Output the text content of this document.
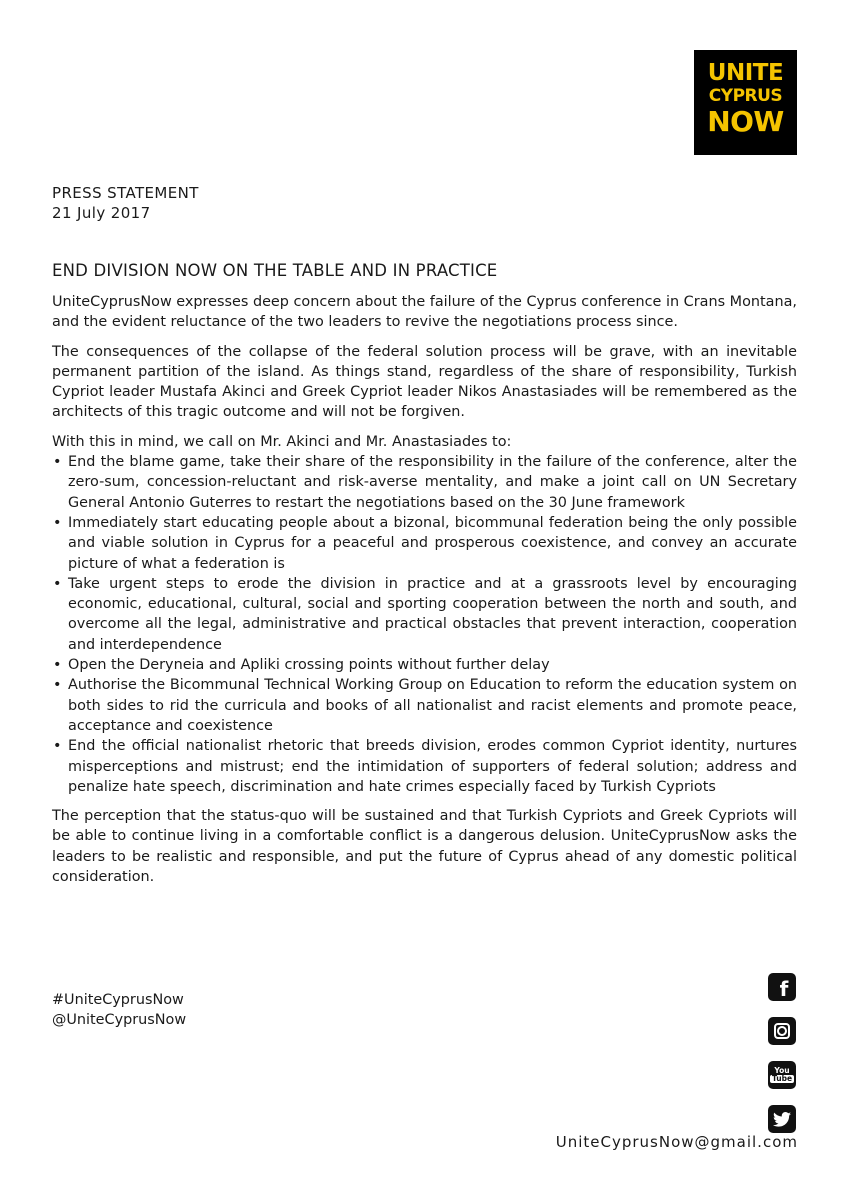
UNITE
CYPRUS
NOW
PRESS STATEMENT
21 July 2017
END DIVISION NOW ON THE TABLE AND IN PRACTICE

UniteCyprusNow expresses deep concern about the failure of the Cyprus conference in Crans Montana, and the evident reluctance of the two leaders to revive the negotiations process since.

The consequences of the collapse of the federal solution process will be grave, with an inevitable permanent partition of the island. As things stand, regardless of the share of responsibility, Turkish Cypriot leader Mustafa Akinci and Greek Cypriot leader Nikos Anastasiades will be remembered as the architects of this tragic outcome and will not be forgiven.

With this in mind, we call on Mr. Akinci and Mr. Anastasiades to:

• End the blame game, take their share of the responsibility in the failure of the conference, alter the zero-sum, concession-reluctant and risk-averse mentality, and make a joint call on UN Secretary General Antonio Guterres to restart the negotiations based on the 30 June framework
• Immediately start educating people about a bizonal, bicommunal federation being the only possible and viable solution in Cyprus for a peaceful and prosperous coexistence, and convey an accurate picture of what a federation is
• Take urgent steps to erode the division in practice and at a grassroots level by encouraging economic, educational, cultural, social and sporting cooperation between the north and south, and overcome all the legal, administrative and practical obstacles that prevent interaction, cooperation and interdependence
• Open the Deryneia and Apliki crossing points without further delay
• Authorise the Bicommunal Technical Working Group on Education to reform the education system on both sides to rid the curricula and books of all nationalist and racist elements and promote peace, acceptance and coexistence
• End the official nationalist rhetoric that breeds division, erodes common Cypriot identity, nurtures misperceptions and mistrust; end the intimidation of supporters of federal solution; address and penalize hate speech, discrimination and hate crimes especially faced by Turkish Cypriots

The perception that the status-quo will be sustained and that Turkish Cypriots and Greek Cypriots will be able to continue living in a comfortable conflict is a dangerous delusion. UniteCyprusNow asks the leaders to be realistic and responsible, and put the future of Cyprus ahead of any domestic political consideration.

#UniteCyprusNow
@UniteCyprusNow
f
You
Tube
UniteCyprusNow@gmail.com
